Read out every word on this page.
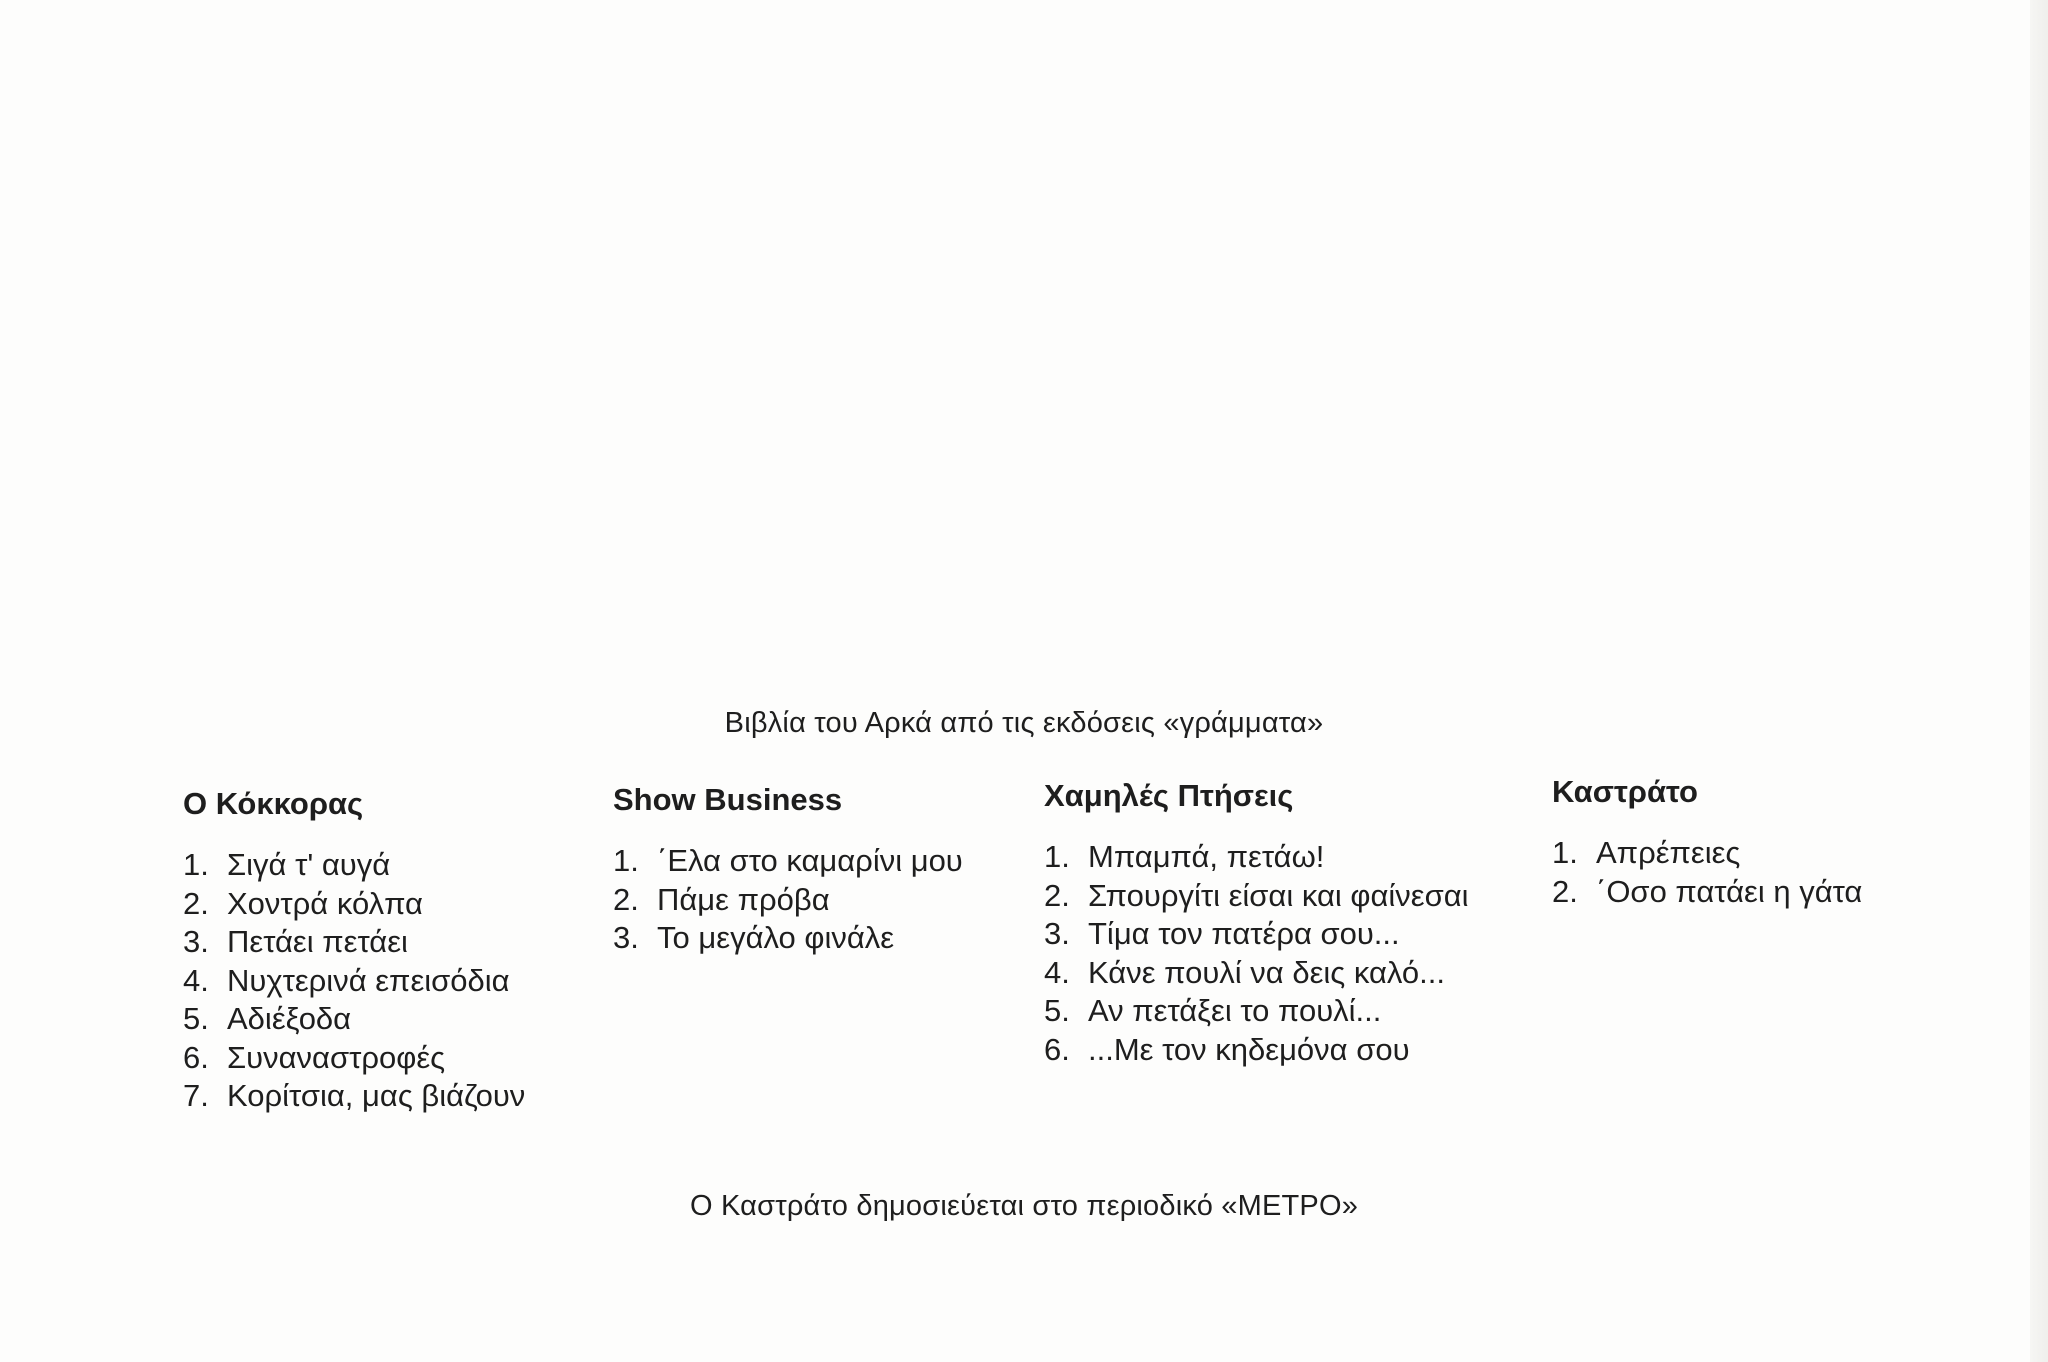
Βιβλία του Αρκά από τις εκδόσεις «γράμματα»
Ο Κόκκορας
1. Σιγά τ' αυγά
2. Χοντρά κόλπα
3. Πετάει πετάει
4. Νυχτερινά επεισόδια
5. Αδιέξοδα
6. Συναναστροφές
7. Κορίτσια, μας βιάζουν
Show Business
1. ΄Ελα στο καμαρίνι μου
2. Πάμε πρόβα
3. Το μεγάλο φινάλε
Χαμηλές Πτήσεις
1. Μπαμπά, πετάω!
2. Σπουργίτι είσαι και φαίνεσαι
3. Τίμα τον πατέρα σου...
4. Κάνε πουλί να δεις καλό...
5. Αν πετάξει το πουλί...
6. ...Με τον κηδεμόνα σου
Καστράτο
1. Απρέπειες
2. ΄Οσο πατάει η γάτα
Ο Καστράτο δημοσιεύεται στο περιοδικό «ΜΕΤΡΟ»
